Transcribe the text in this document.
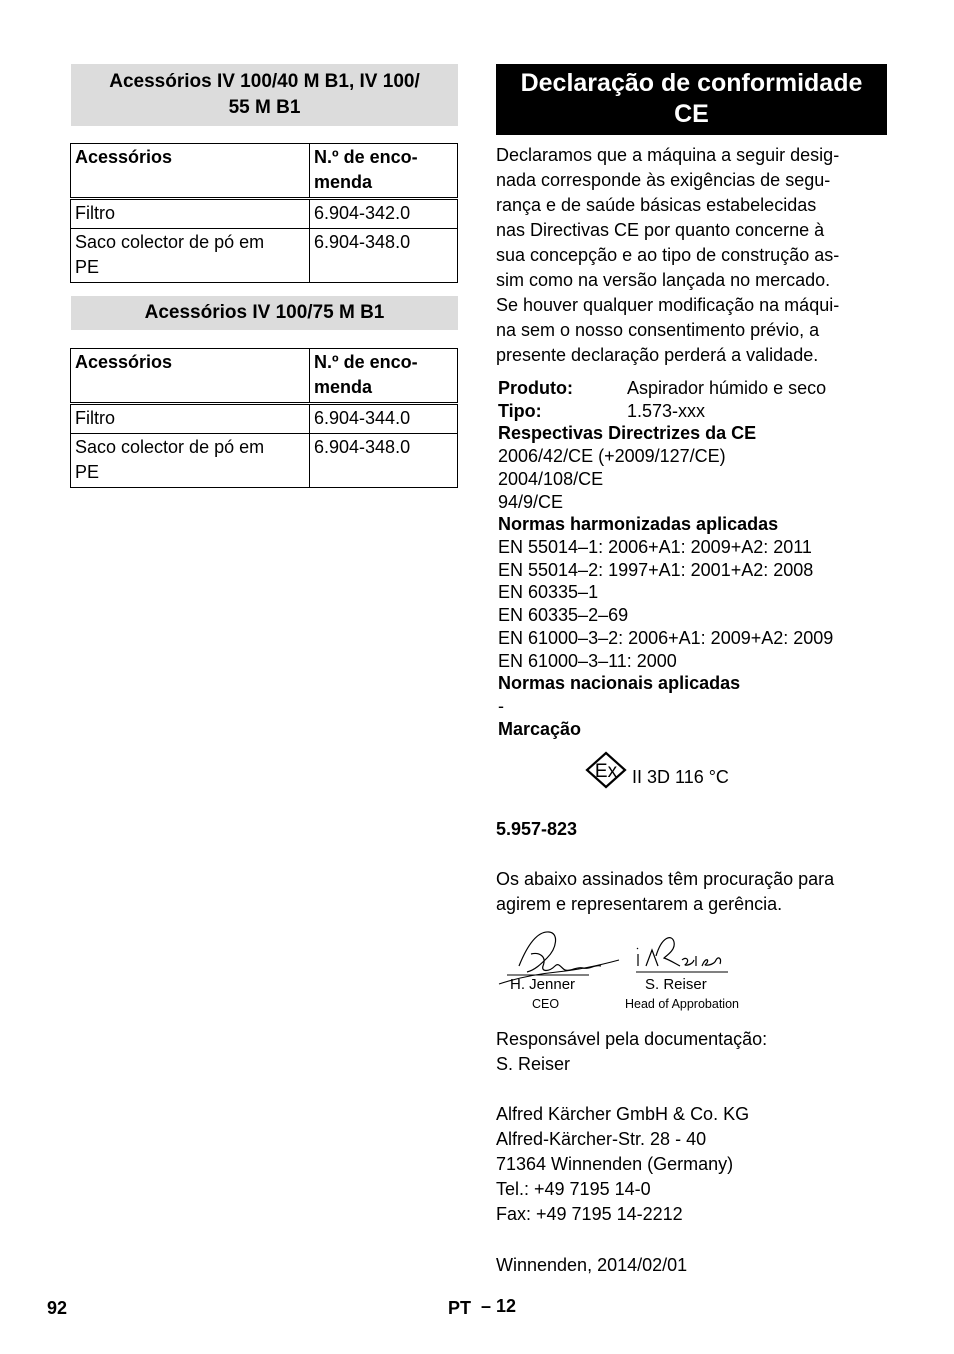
Acessórios IV 100/40 M B1, IV 100/
55 M B1
Acessórios	N.º de enco-
menda

Filtro	6.904-342.0

Saco colector de pó em
PE	6.904-348.0
Acessórios IV 100/75 M B1
Acessórios	N.º de enco-
menda

Filtro	6.904-344.0

Saco colector de pó em
PE	6.904-348.0
Declaração de conformidade
CE
Declaramos que a máquina a seguir desig-
nada corresponde às exigências de segu-
rança e de saúde básicas estabelecidas
nas Directivas CE por quanto concerne à
sua concepção e ao tipo de construção as-
sim como na versão lançada no mercado.
Se houver qualquer modificação na máqui-
na sem o nosso consentimento prévio, a
presente declaração perderá a validade.
Produto:	Aspirador húmido e seco
Tipo:	1.573-xxx
Respectivas Directrizes da CE
2006/42/CE (+2009/127/CE)
2004/108/CE
94/9/CE
Normas harmonizadas aplicadas
EN 55014–1: 2006+A1: 2009+A2: 2011
EN 55014–2: 1997+A1: 2001+A2: 2008
EN 60335–1
EN 60335–2–69
EN 61000–3–2: 2006+A1: 2009+A2: 2009
EN 61000–3–11: 2000
Normas nacionais aplicadas
-
Marcação
Ex II 3D 116 °C
5.957-823
Os abaixo assinados têm procuração para
agirem e representarem a gerência.
H. Jenner
CEO
S. Reiser
Head of Approbation
Responsável pela documentação:
S. Reiser
Alfred Kärcher GmbH & Co. KG
Alfred-Kärcher-Str. 28 - 40
71364 Winnenden (Germany)
Tel.: +49 7195 14-0
Fax: +49 7195 14-2212
Winnenden, 2014/02/01
92	PT – 12
